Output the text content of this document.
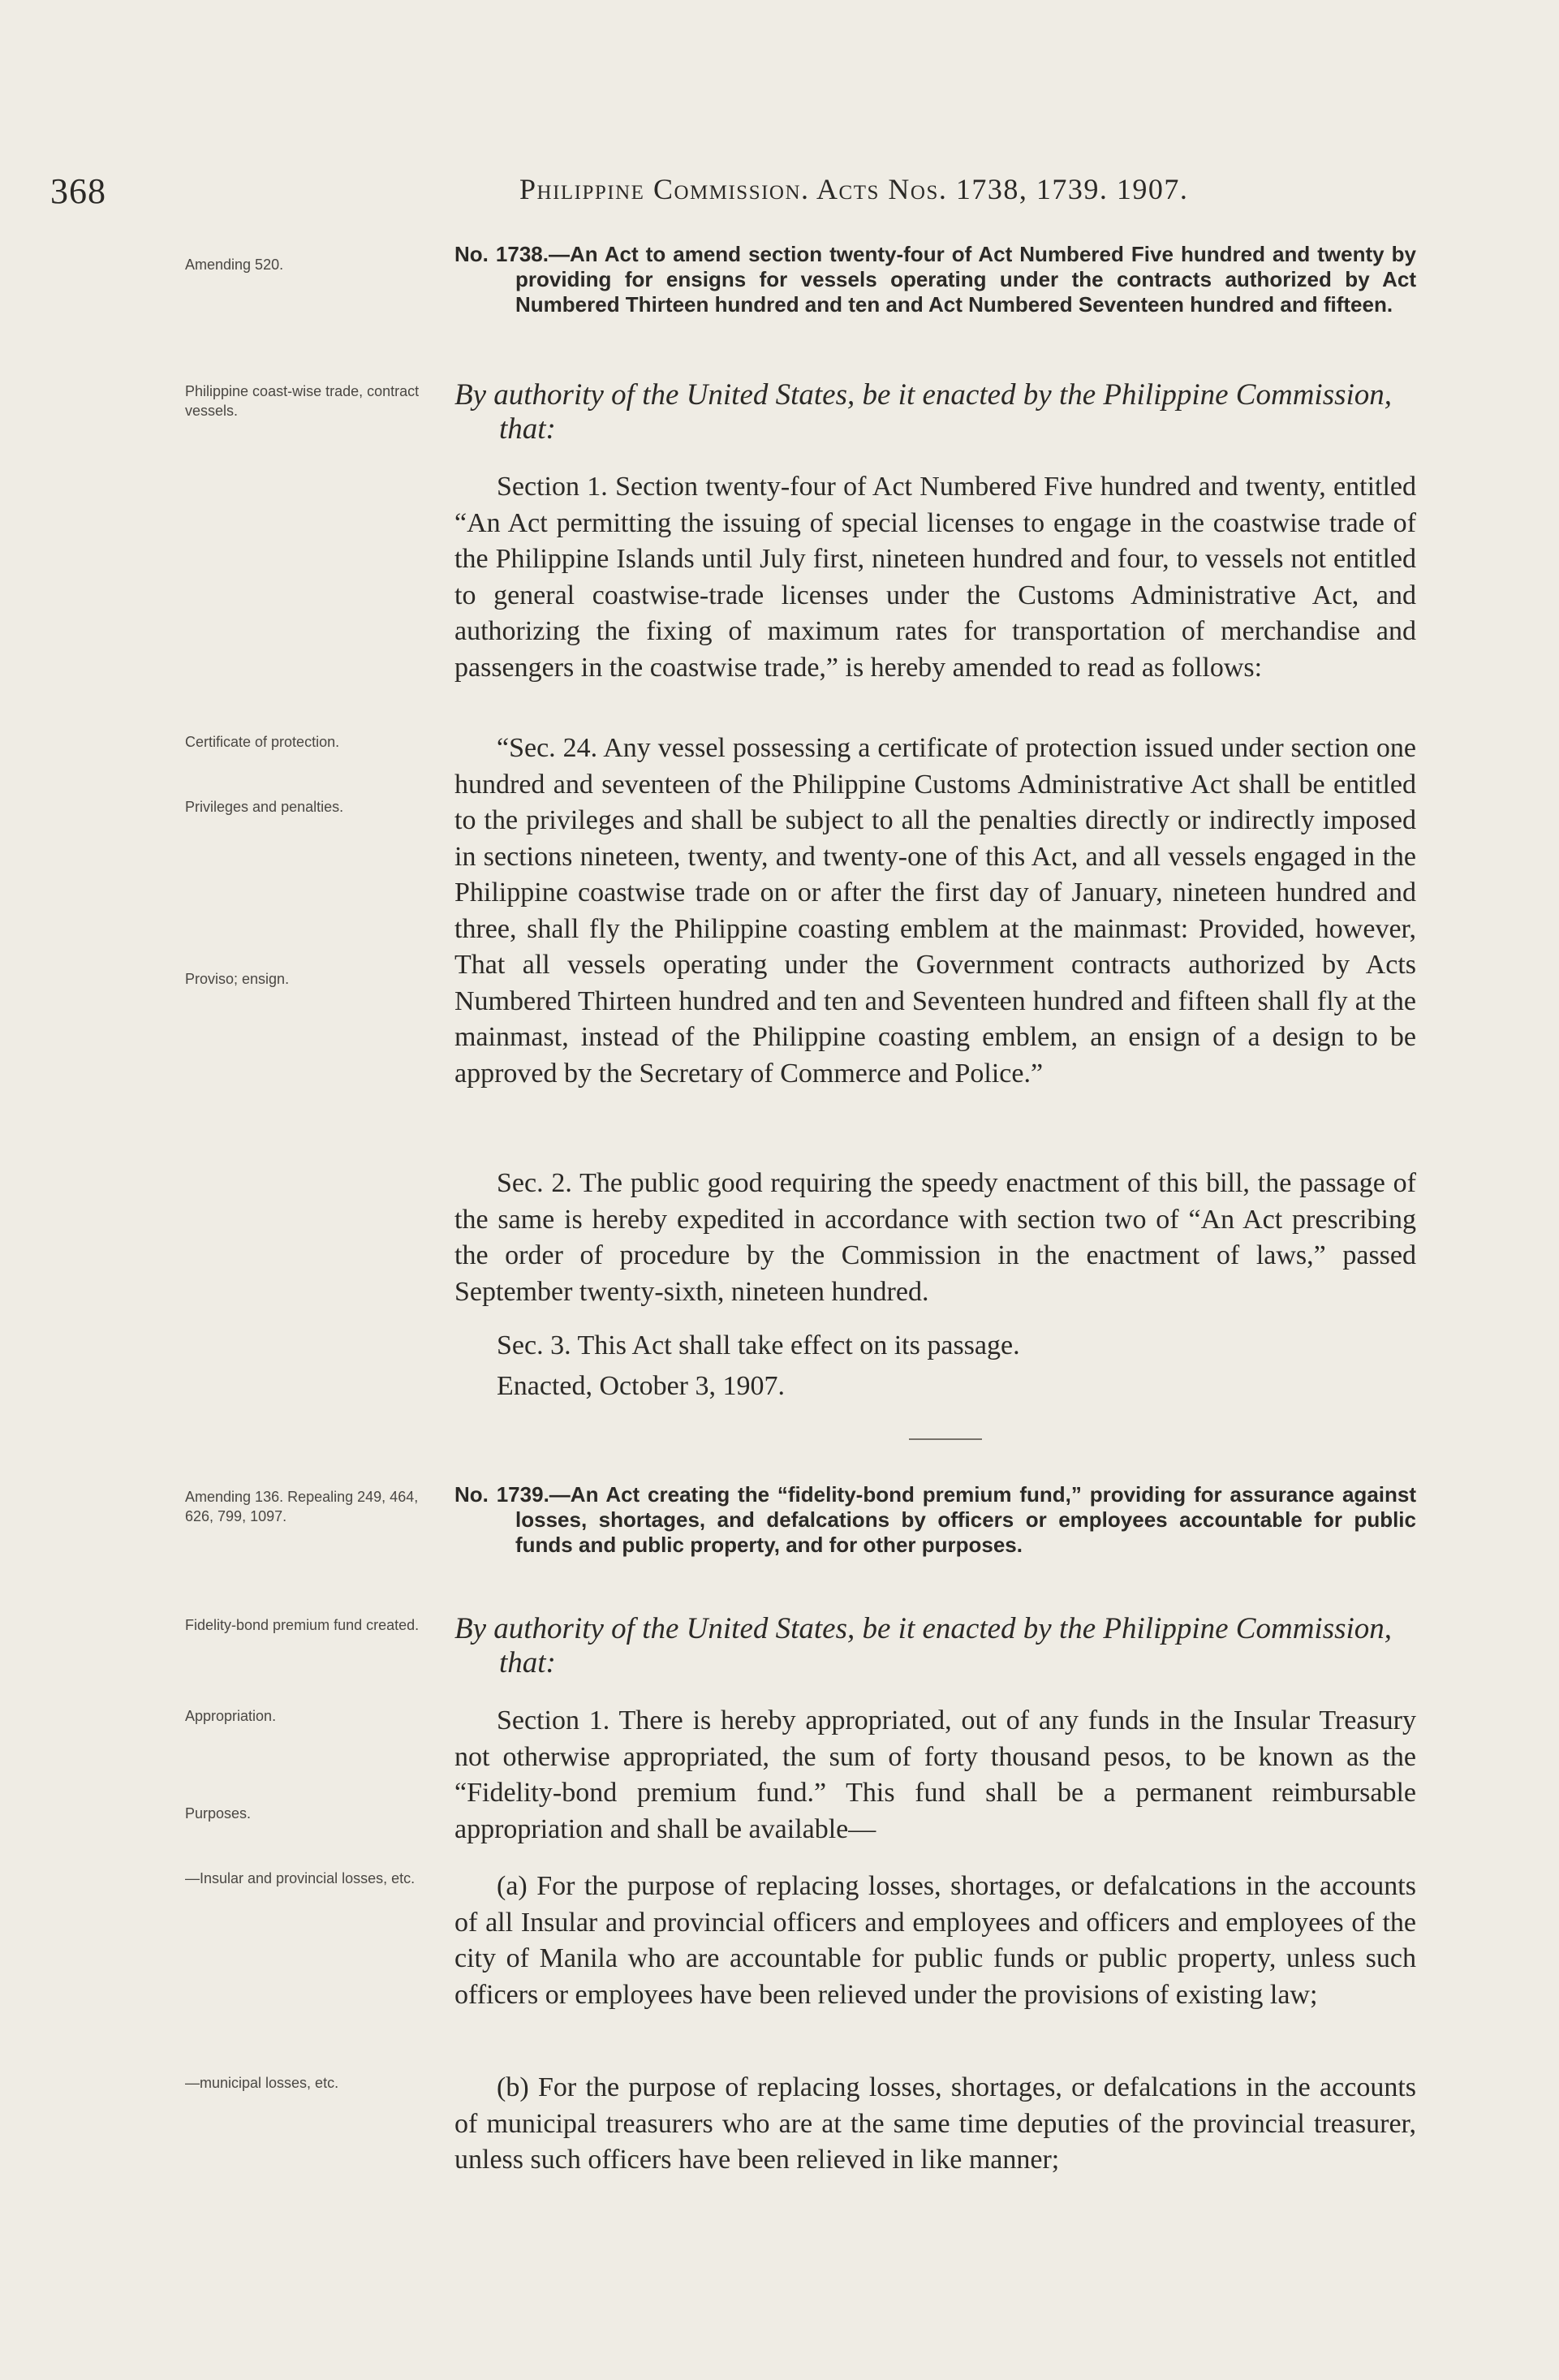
368	Philippine Commission. Acts Nos. 1738, 1739. 1907.
Amending 520.	No. 1738.—An Act to amend section twenty-four of Act Numbered Five hundred and twenty by providing for ensigns for vessels operating under the contracts authorized by Act Numbered Thirteen hundred and ten and Act Numbered Seventeen hundred and fifteen.
Philippine coast-wise trade, contract vessels.	By authority of the United States, be it enacted by the Philippine Commission, that:

Section 1. Section twenty-four of Act Numbered Five hundred and twenty, entitled “An Act permitting the issuing of special licenses to engage in the coastwise trade of the Philippine Islands until July first, nineteen hundred and four, to vessels not entitled to general coastwise-trade licenses under the Customs Administrative Act, and authorizing the fixing of maximum rates for transportation of merchandise and passengers in the coastwise trade,” is hereby amended to read as follows:

Certificate of protection.
Privileges and penalties.
Proviso; ensign.

“Sec. 24. Any vessel possessing a certificate of protection issued under section one hundred and seventeen of the Philippine Customs Administrative Act shall be entitled to the privileges and shall be subject to all the penalties directly or indirectly imposed in sections nineteen, twenty, and twenty-one of this Act, and all vessels engaged in the Philippine coastwise trade on or after the first day of January, nineteen hundred and three, shall fly the Philippine coasting emblem at the mainmast: Provided, however, That all vessels operating under the Government contracts authorized by Acts Numbered Thirteen hundred and ten and Seventeen hundred and fifteen shall fly at the mainmast, instead of the Philippine coasting emblem, an ensign of a design to be approved by the Secretary of Commerce and Police.”

Sec. 2. The public good requiring the speedy enactment of this bill, the passage of the same is hereby expedited in accordance with section two of “An Act prescribing the order of procedure by the Commission in the enactment of laws,” passed September twenty-sixth, nineteen hundred.

Sec. 3. This Act shall take effect on its passage.

Enacted, October 3, 1907.

Amending 136. Repealing 249, 464, 626, 799, 1097.
No. 1739.—An Act creating the “fidelity-bond premium fund,” providing for assurance against losses, shortages, and defalcations by officers or employees accountable for public funds and public property, and for other purposes.
Fidelity-bond premium fund created.	By authority of the United States, be it enacted by the Philippine Commission, that:
Appropriation.
Purposes.

Section 1. There is hereby appropriated, out of any funds in the Insular Treasury not otherwise appropriated, the sum of forty thousand pesos, to be known as the “Fidelity-bond premium fund.” This fund shall be a permanent reimbursable appropriation and shall be available—

—Insular and provincial losses, etc.	(a) For the purpose of replacing losses, shortages, or defalcations in the accounts of all Insular and provincial officers and employees and officers and employees of the city of Manila who are accountable for public funds or public property, unless such officers or employees have been relieved under the provisions of existing law;

—municipal losses, etc.	(b) For the purpose of replacing losses, shortages, or defalcations in the accounts of municipal treasurers who are at the same time deputies of the provincial treasurer, unless such officers have been relieved in like manner;
